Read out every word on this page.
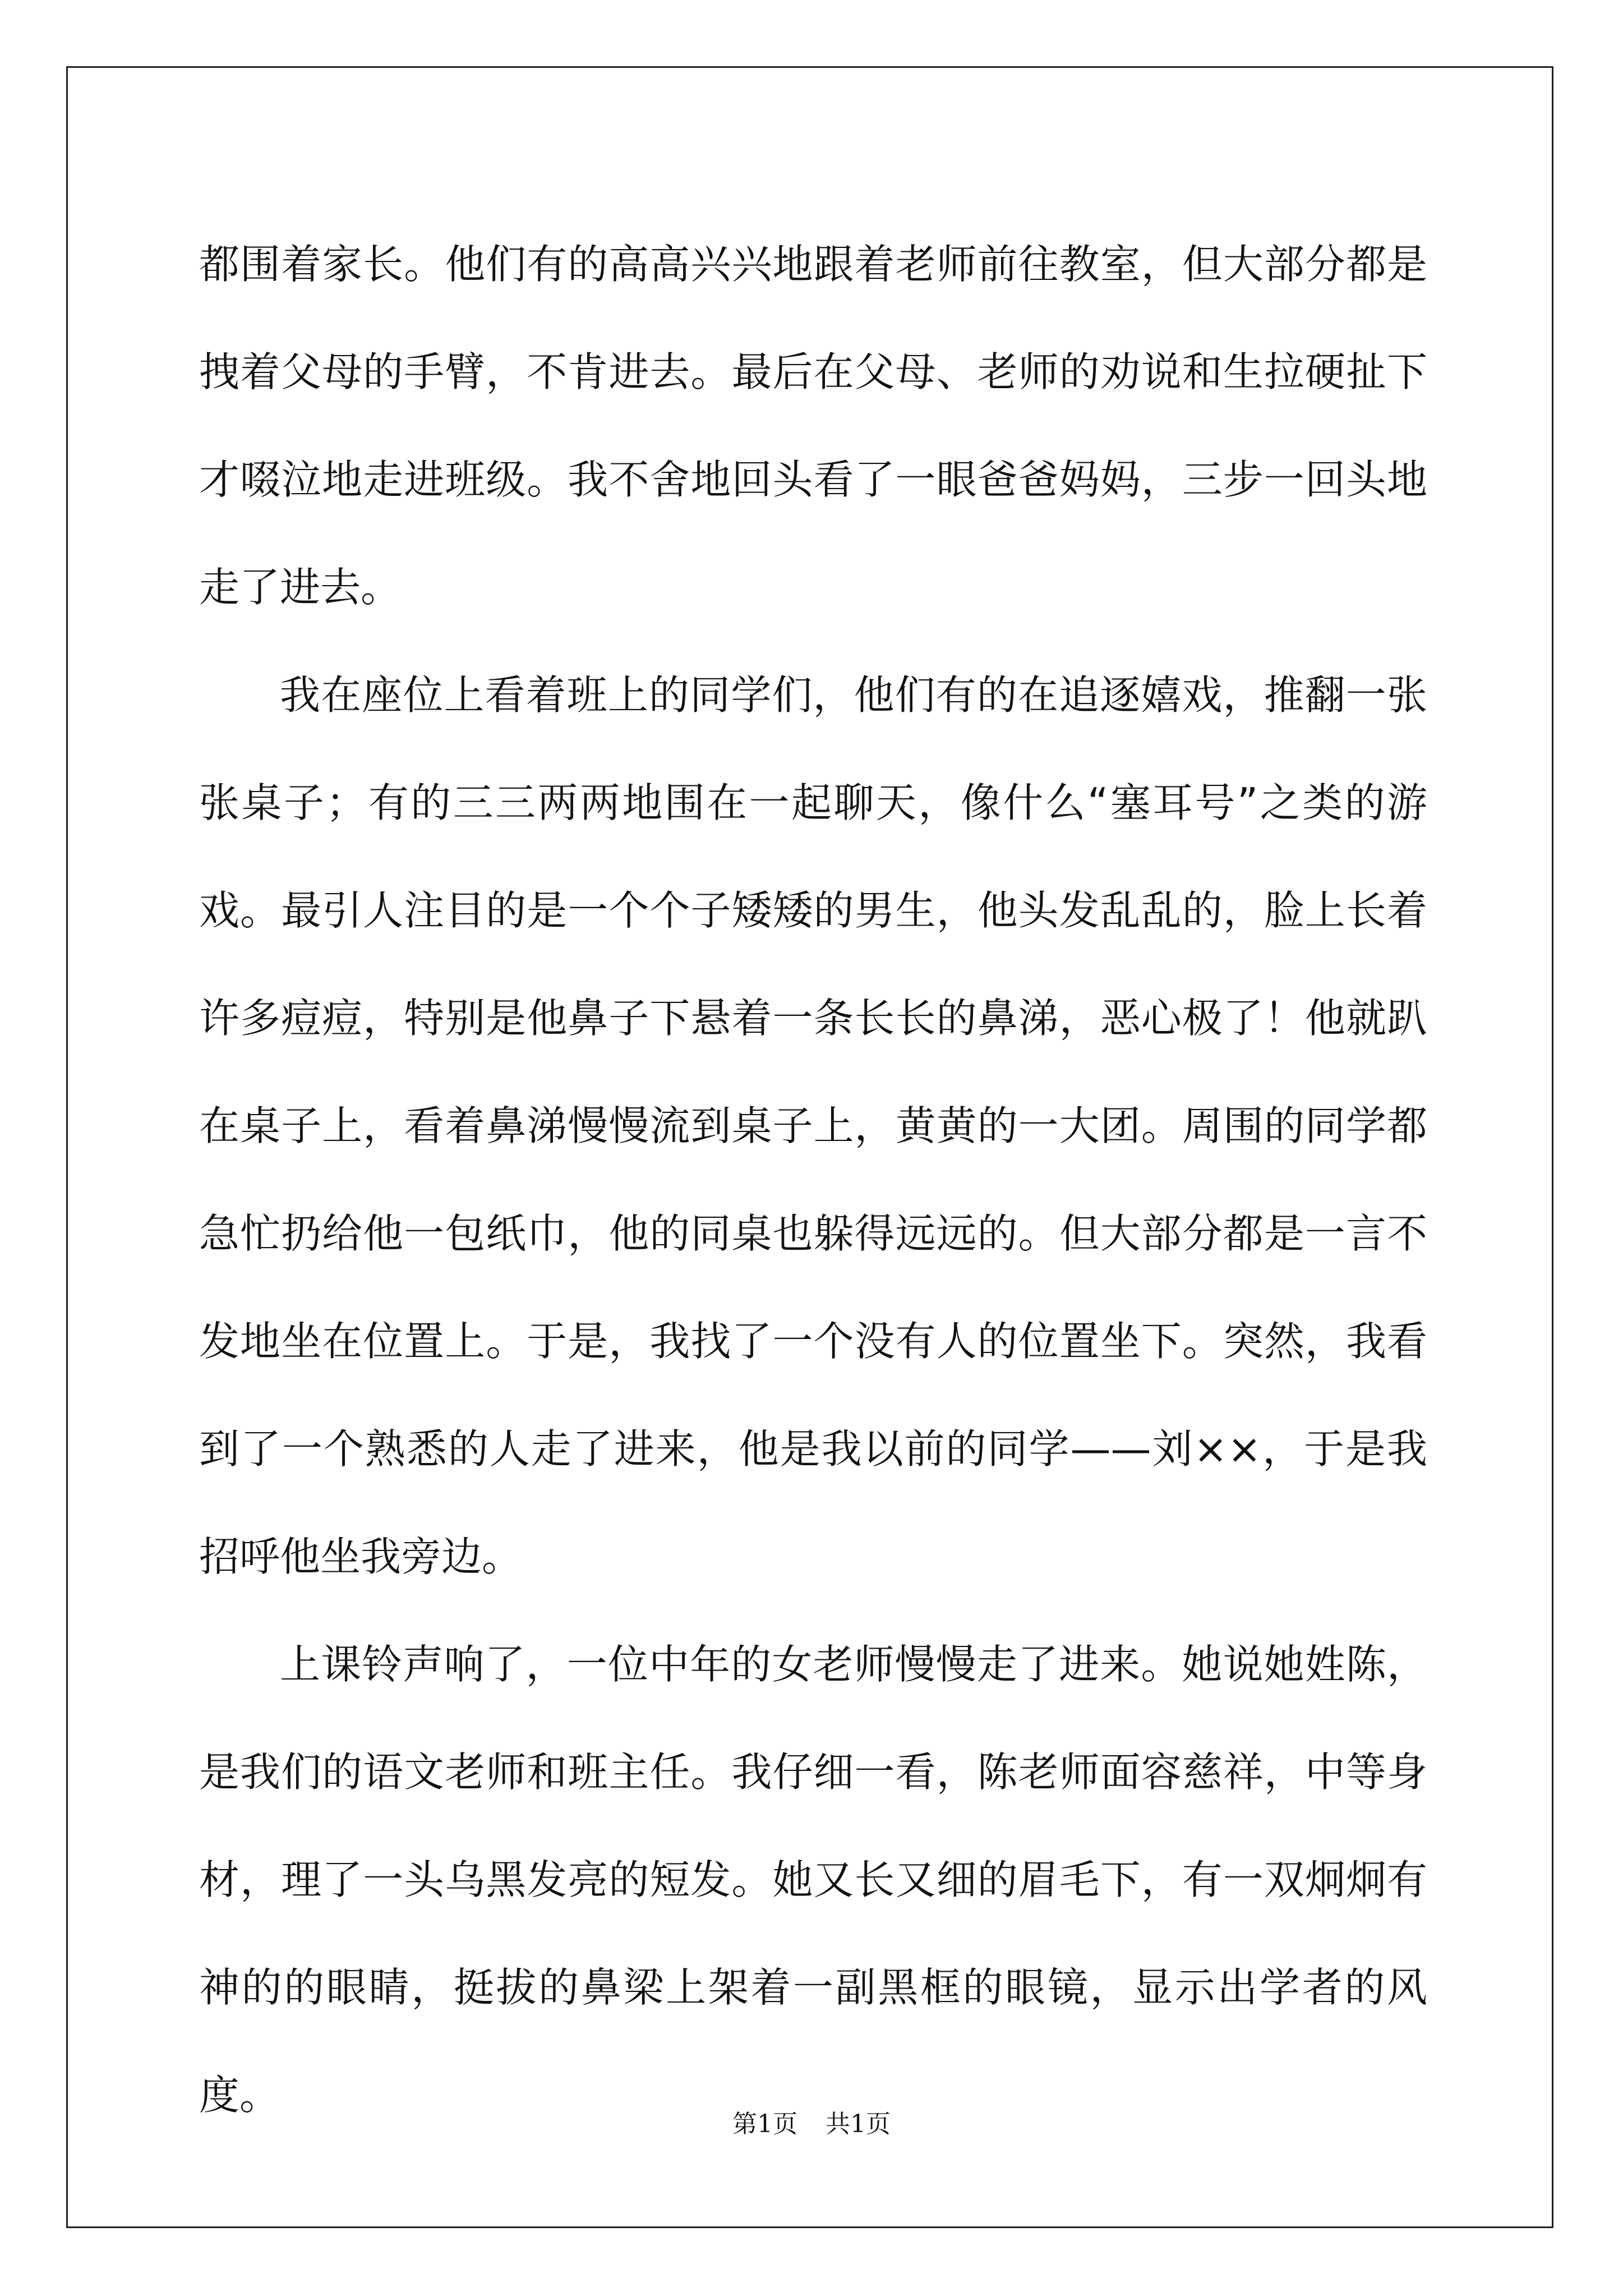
都围着家长。他们有的高高兴兴地跟着老师前往教室，但大部分都是拽着父母的手臂，不肯进去。最后在父母、老师的劝说和生拉硬扯下才啜泣地走进班级。我不舍地回头看了一眼爸爸妈妈，三步一回头地走了进去。

我在座位上看着班上的同学们，他们有的在追逐嬉戏，推翻一张张桌子；有的三三两两地围在一起聊天，像什么“塞耳号”之类的游戏。最引人注目的是一个个子矮矮的男生，他头发乱乱的，脸上长着许多痘痘，特别是他鼻子下悬着一条长长的鼻涕，恶心极了！他就趴在桌子上，看着鼻涕慢慢流到桌子上，黄黄的一大团。周围的同学都急忙扔给他一包纸巾，他的同桌也躲得远远的。但大部分都是一言不发地坐在位置上。于是，我找了一个没有人的位置坐下。突然，我看到了一个熟悉的人走了进来，他是我以前的同学——刘××，于是我招呼他坐我旁边。

上课铃声响了，一位中年的女老师慢慢走了进来。她说她姓陈，是我们的语文老师和班主任。我仔细一看，陈老师面容慈祥，中等身材，理了一头乌黑发亮的短发。她又长又细的眉毛下，有一双炯炯有神的的眼睛，挺拔的鼻梁上架着一副黑框的眼镜，显示出学者的风度。

第1页 共1页
